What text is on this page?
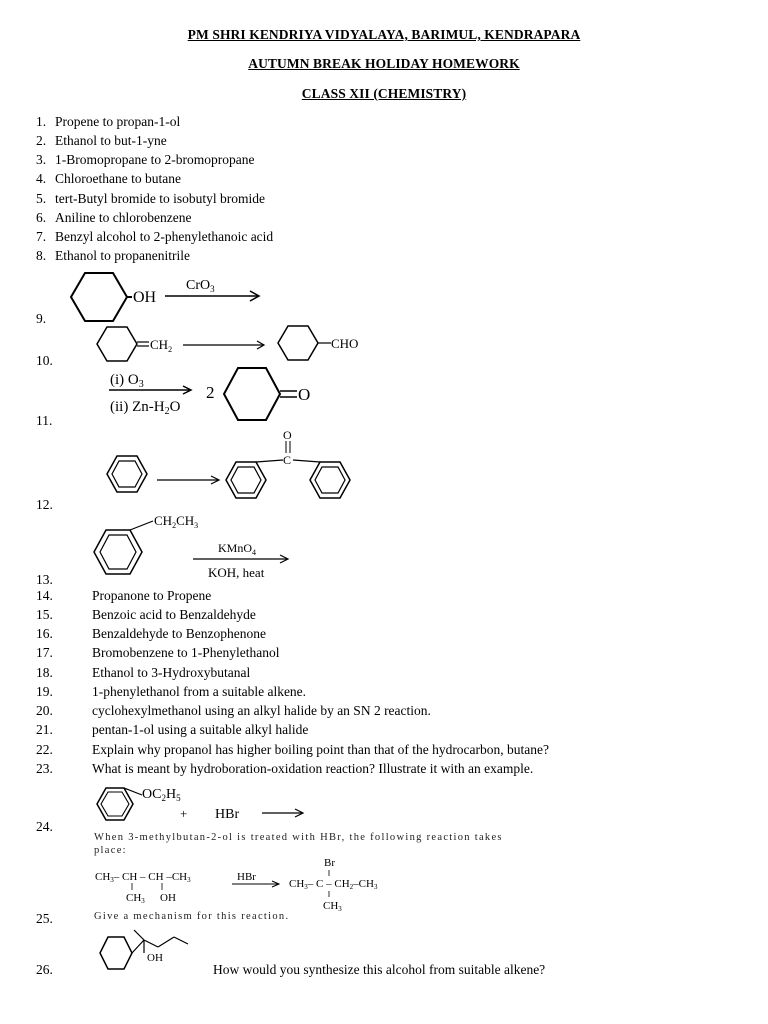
PM SHRI KENDRIYA VIDYALAYA, BARIMUL, KENDRAPARA
AUTUMN BREAK HOLIDAY HOMEWORK
CLASS XII (CHEMISTRY)
1. Propene to propan-1-ol
2. Ethanol to but-1-yne
3. 1-Bromopropane to 2-bromopropane
4. Chloroethane to butane
5. tert-Butyl bromide to isobutyl bromide
6. Aniline to chlorobenzene
7. Benzyl alcohol to 2-phenylethanoic acid
8. Ethanol to propanenitrile
9.
OH
CrO$_3$
10.
$CH_2$	CHO
11.
(i) $O_3$
(ii) $Zn-H_2O$
2	O
12.
C
O
13.
$CH_2CH_3$
KMnO$_4$
KOH, heat
14.	Propanone to Propene
15.	Benzoic acid to Benzaldehyde
16.	Benzaldehyde to Benzophenone
17.	Bromobenzene to 1-Phenylethanol
18.	Ethanol to 3-Hydroxybutanal
19.	1-phenylethanol from a suitable alkene.
20.	cyclohexylmethanol using an alkyl halide by an SN 2 reaction.
21.	pentan-1-ol using a suitable alkyl halide
22.	Explain why propanol has higher boiling point than that of the hydrocarbon, butane?
23.	What is meant by hydroboration-oxidation reaction? Illustrate it with an example.
24.
$OC_2H_5$
+ HBr
When 3-methylbutan-2-ol is treated with HBr, the following reaction takes
place:
CH3– CH – CH –CH3
CH3 OH
HBr
Br
CH3– C – CH2–CH3
CH3
25.	Give a mechanism for this reaction.
26.
OH
How would you synthesize this alcohol from suitable alkene?
